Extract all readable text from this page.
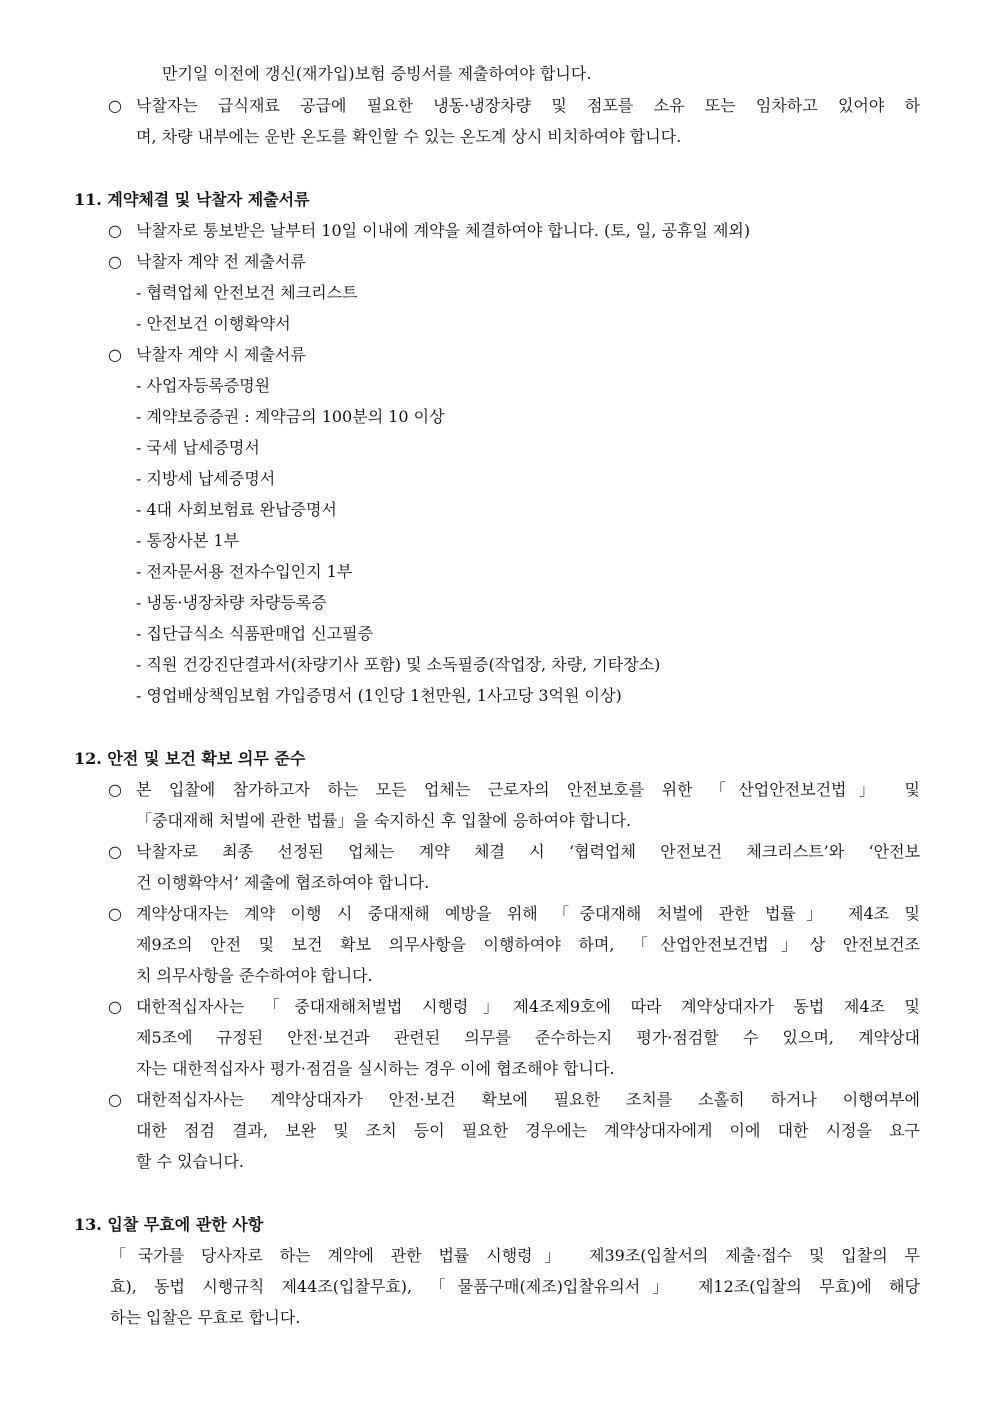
만기일 이전에 갱신(재가입)보험 증빙서를 제출하여야 합니다.
○ 낙찰자는 급식재료 공급에 필요한 냉동·냉장차량 및 점포를 소유 또는 임차하고 있어야 하
며, 차량 내부에는 운반 온도를 확인할 수 있는 온도계 상시 비치하여야 합니다.
11. 계약체결 및 낙찰자 제출서류
○ 낙찰자로 통보받은 날부터 10일 이내에 계약을 체결하여야 합니다. (토, 일, 공휴일 제외)
○ 낙찰자 계약 전 제출서류
- 협력업체 안전보건 체크리스트
- 안전보건 이행확약서
○ 낙찰자 계약 시 제출서류
- 사업자등록증명원
- 계약보증증권 : 계약금의 100분의 10 이상
- 국세 납세증명서
- 지방세 납세증명서
- 4대 사회보험료 완납증명서
- 통장사본 1부
- 전자문서용 전자수입인지 1부
- 냉동·냉장차량 차량등록증
- 집단급식소 식품판매업 신고필증
- 직원 건강진단결과서(차량기사 포함) 및 소독필증(작업장, 차량, 기타장소)
- 영업배상책임보험 가입증명서 (1인당 1천만원, 1사고당 3억원 이상)
12. 안전 및 보건 확보 의무 준수
○ 본 입찰에 참가하고자 하는 모든 업체는 근로자의 안전보호를 위한 「산업안전보건법」 및
「중대재해 처벌에 관한 법률」을 숙지하신 후 입찰에 응하여야 합니다.
○ 낙찰자로 최종 선정된 업체는 계약 체결 시 ‘협력업체 안전보건 체크리스트’와 ‘안전보
건 이행확약서’ 제출에 협조하여야 합니다.
○ 계약상대자는 계약 이행 시 중대재해 예방을 위해 「중대재해 처벌에 관한 법률」 제4조 및
제9조의 안전 및 보건 확보 의무사항을 이행하여야 하며, 「산업안전보건법」상 안전보건조
치 의무사항을 준수하여야 합니다.
○ 대한적십자사는 「중대재해처벌법 시행령」제4조제9호에 따라 계약상대자가 동법 제4조 및
제5조에 규정된 안전·보건과 관련된 의무를 준수하는지 평가·점검할 수 있으며, 계약상대
자는 대한적십자사 평가·점검을 실시하는 경우 이에 협조해야 합니다.
○ 대한적십자사는 계약상대자가 안전·보건 확보에 필요한 조치를 소홀히 하거나 이행여부에
대한 점검 결과, 보완 및 조치 등이 필요한 경우에는 계약상대자에게 이에 대한 시정을 요구
할 수 있습니다.
13. 입찰 무효에 관한 사항
「국가를 당사자로 하는 계약에 관한 법률 시행령」 제39조(입찰서의 제출·접수 및 입찰의 무
효), 동법 시행규칙 제44조(입찰무효), 「물품구매(제조)입찰유의서」 제12조(입찰의 무효)에 해당
하는 입찰은 무효로 합니다.
